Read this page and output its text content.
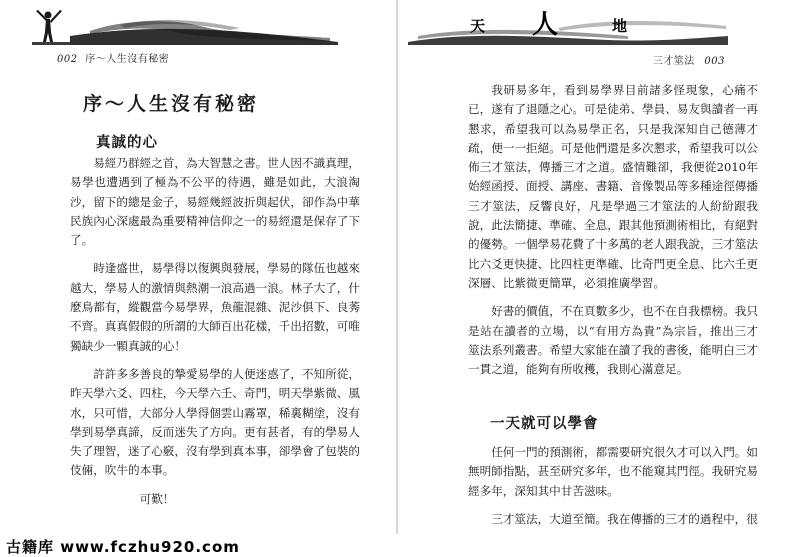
002 序～人生沒有秘密
序～人生沒有秘密
真誠的心

易經乃群經之首，為大智慧之書。世人因不識真理，易學也遭遇到了極為不公平的待遇，雖是如此，大浪淘沙，留下的總是金子，易經幾經波折與起伏，卻作為中華民族內心深處最為重要精神信仰之一的易經還是保存了下了。

時逢盛世，易學得以復興與發展，學易的隊伍也越來越大，學易人的激情與熱潮一浪高過一浪。林子大了，什麼鳥都有，縱觀當今易學界，魚龍混雜、泥沙俱下、良莠不齊。真真假假的所謂的大師百出花樣，千出招數，可唯獨缺少一顆真誠的心！

許許多多善良的摯愛易學的人便迷惑了，不知所從，昨天學六爻、四柱，今天學六壬、奇門，明天學紫微、風水，只可惜，大部分人學得個雲山霧罩，稀裏糊塗，沒有學到易學真諦，反而迷失了方向。更有甚者，有的學易人失了理智，迷了心竅，沒有學到真本事，卻學會了包裝的伎倆，吹牛的本事。

可歎！

天 人	地
三才筮法 003

我研易多年，看到易學界目前諸多怪現象，心痛不已，遂有了退隱之心。可是徒弟、學員、易友與讀者一再懇求，希望我可以為易學正名，只是我深知自己德薄才疏，便一一拒絕。可是他們還是多次懇求，希望我可以公佈三才筮法，傳播三才之道。盛情難卻，我便從2010年始經函授、面授、講座、書籍、音像製品等多種途徑傳播三才筮法，反響良好，凡是學過三才筮法的人紛紛跟我說，此法簡捷、準確、全息，跟其他預測術相比，有絕對的優勢。一個學易花費了十多萬的老人跟我說，三才筮法比六爻更快捷、比四柱更準確、比奇門更全息、比六壬更深層、比紫微更簡單，必須推廣學習。

好書的價值，不在頁數多少，也不在自我標榜。我只是站在讀者的立場，以“有用方為貴”為宗旨，推出三才筮法系列叢書。希望大家能在讀了我的書後，能明白三才一貫之道，能夠有所收穫，我則心滿意足。

一天就可以學會

任何一門的預測術，都需要研究很久才可以入門。如無明師指點，甚至研究多年，也不能窺其門徑。我研究易經多年，深知其中甘苦滋味。

三才筮法，大道至簡。我在傳播的三才的過程中，很

古籍库 www.fczhu920.com
